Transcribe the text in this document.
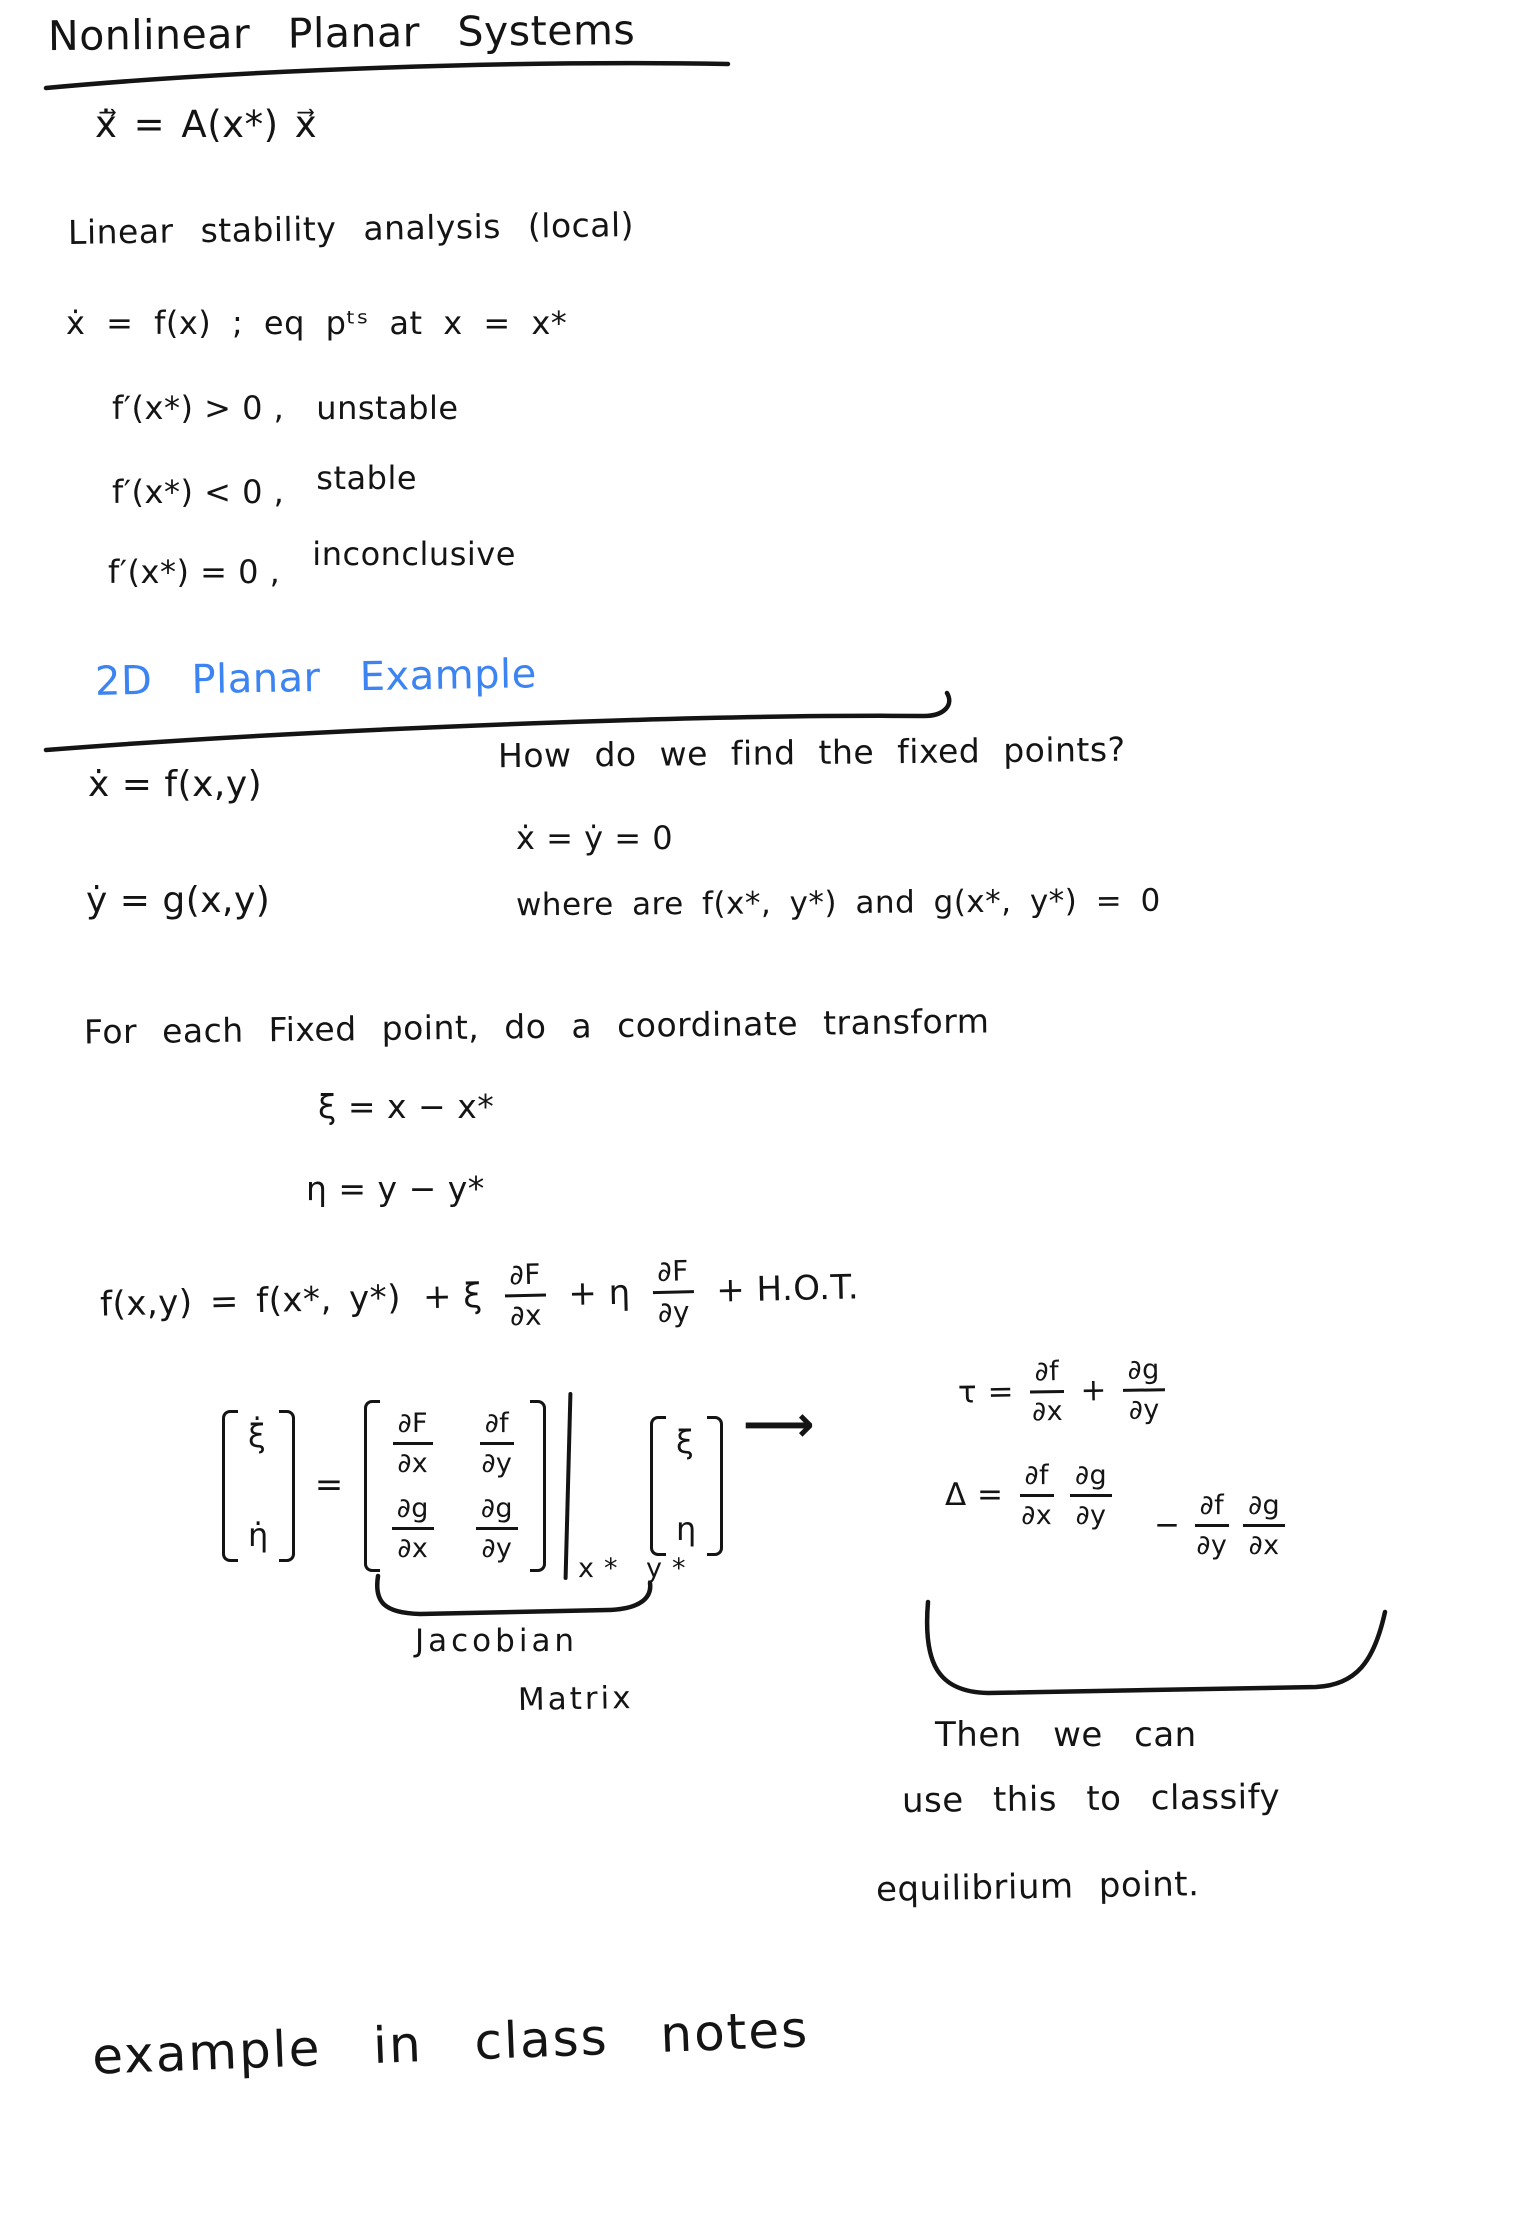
Nonlinear Planar Systems
ẋ⃗ = A(x*) x⃗
Linear stability analysis (local)
ẋ = f(x) ; eq pᵗˢ at x = x*
f′(x*) > 0 , unstable
f′(x*) < 0 , stable
f′(x*) = 0 , inconclusive
2D Planar Example
How do we find the fixed points?
ẋ = f(x,y)
ẋ = ẏ = 0
ẏ = g(x,y)	where are f(x*, y*) and g(x*, y*) = 0
For each Fixed point, do a coordinate transform
ξ = x − x*
η = y − y*
f(x,y) = f(x*, y*) + ξ $\frac{\partial F}{\partial x} + \eta \frac{\partial F}{\partial y} + H.O.T$.
ξ̇
η̇
=
$\frac{\partial F}{\partial x} \frac{\partial f}{\partial y}$
$\frac{\partial g}{\partial x} \frac{\partial g}{\partial y}$
x* y*
ξ
η
⟶
$\tau = \frac{\partial f}{\partial x} + \frac{\partial g}{\partial y}$
$\Delta = \frac{\partial f}{\partial x} \frac{\partial g}{\partial y} - \frac{\partial f}{\partial y} \frac{\partial g}{\partial x}$
Jacobian
Matrix
Then we can
use this to classify
equilibrium point.
example in class notes
